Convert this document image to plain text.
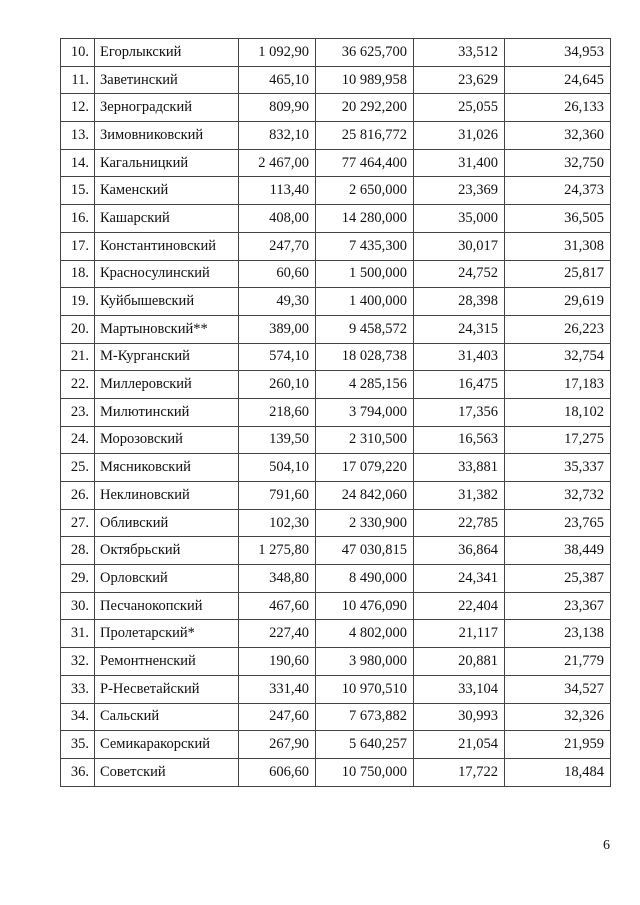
10.	Егорлыкский	1 092,90	36 625,700	33,512	34,953
11.	Заветинский	465,10	10 989,958	23,629	24,645
12.	Зерноградский	809,90	20 292,200	25,055	26,133
13.	Зимовниковский	832,10	25 816,772	31,026	32,360
14.	Кагальницкий	2 467,00	77 464,400	31,400	32,750
15.	Каменский	113,40	2 650,000	23,369	24,373
16.	Кашарский	408,00	14 280,000	35,000	36,505
17.	Константиновский	247,70	7 435,300	30,017	31,308
18.	Красносулинский	60,60	1 500,000	24,752	25,817
19.	Куйбышевский	49,30	1 400,000	28,398	29,619
20.	Мартыновский**	389,00	9 458,572	24,315	26,223
21.	М-Курганский	574,10	18 028,738	31,403	32,754
22.	Миллеровский	260,10	4 285,156	16,475	17,183
23.	Милютинский	218,60	3 794,000	17,356	18,102
24.	Морозовский	139,50	2 310,500	16,563	17,275
25.	Мясниковский	504,10	17 079,220	33,881	35,337
26.	Неклиновский	791,60	24 842,060	31,382	32,732
27.	Обливский	102,30	2 330,900	22,785	23,765
28.	Октябрьский	1 275,80	47 030,815	36,864	38,449
29.	Орловский	348,80	8 490,000	24,341	25,387
30.	Песчанокопский	467,60	10 476,090	22,404	23,367
31.	Пролетарский*	227,40	4 802,000	21,117	23,138
32.	Ремонтненский	190,60	3 980,000	20,881	21,779
33.	Р-Несветайский	331,40	10 970,510	33,104	34,527
34.	Сальский	247,60	7 673,882	30,993	32,326
35.	Семикаракорский	267,90	5 640,257	21,054	21,959
36.	Советский	606,60	10 750,000	17,722	18,484
6
